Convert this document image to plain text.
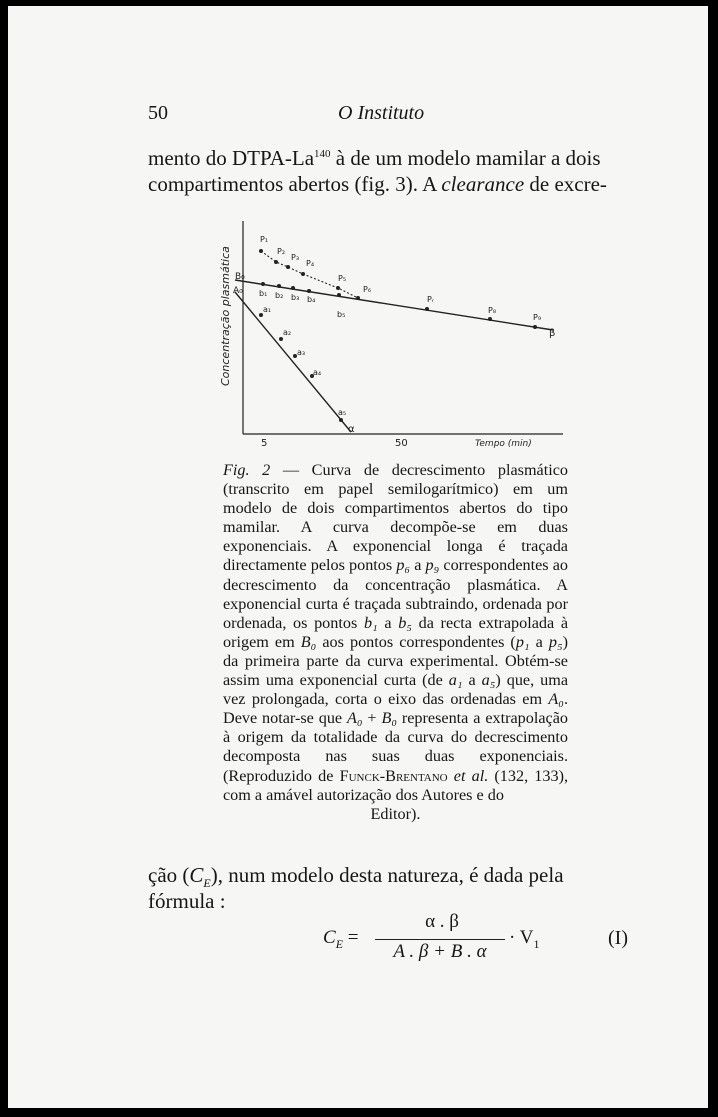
50	O Instituto
mento do DTPA-La$^{140}$ à de um modelo mamilar a dois
compartimentos abertos (fig. 3). A clearance de excre-
Concentração plasmática
5	50	Tempo (min)
B₀
A₀
β
α
P₁
P₂
P₃
P₄
P₅
P₆
Pᵣ
P₈
P₉
b₁ b₂ b₃ b₄
b₅
a₁
a₂
a₃
a₄
a₅

Fig. 2 — Curva de decrescimento plasmático (transcrito em papel semilogarítmico) em um modelo de dois compartimentos abertos do tipo mamilar. A curva decompõe-se em duas exponenciais. A exponencial longa é traçada directamente pelos pontos p₆ a p₉ correspondentes ao decrescimento da concentração plasmática. A exponencial curta é traçada subtraindo, ordenada por ordenada, os pontos b₁ a b₅ da recta extrapolada à origem em B₀ aos pontos correspondentes (p₁ a p₅) da primeira parte da curva experimental. Obtém-se assim uma exponencial curta (de a₁ a a₅) que, uma vez prolongada, corta o eixo das ordenadas em A₀. Deve notar-se que A₀ + B₀ representa a extrapolação à origem da totalidade da curva do decrescimento decomposta nas suas duas exponenciais. (Reproduzido de Funck-Brentano et al. (132, 133), com a amável autorização dos Autores e do

Editor).
ção $(C_E)$, num modelo desta natureza, é dada pela
fórmula :
$C_E$ =
α . β
A . β + B . α
· $V_1$	(I)
